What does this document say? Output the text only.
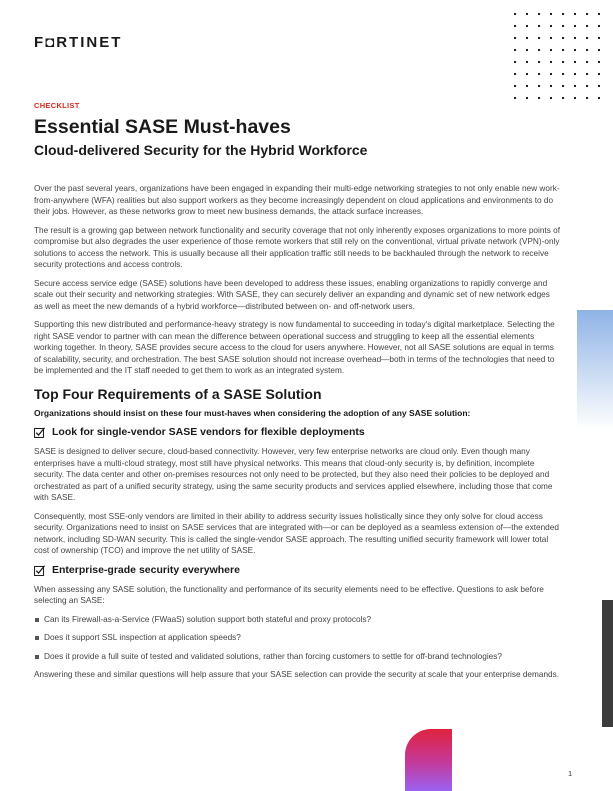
F◘RTINET
CHECKLIST
Essential SASE Must-haves
Cloud-delivered Security for the Hybrid Workforce

Over the past several years, organizations have been engaged in expanding their multi-edge networking strategies to not only enable new work-from-anywhere (WFA) realities but also support workers as they become increasingly dependent on cloud applications and environments to do their jobs. However, as these networks grow to meet new business demands, the attack surface increases.

The result is a growing gap between network functionality and security coverage that not only inherently exposes organizations to more points of compromise but also degrades the user experience of those remote workers that still rely on the conventional, virtual private network (VPN)-only solutions to access the network. This is usually because all their application traffic still needs to be backhauled through the network to receive security protections and access controls.

Secure access service edge (SASE) solutions have been developed to address these issues, enabling organizations to rapidly converge and scale out their security and networking strategies. With SASE, they can securely deliver an expanding and dynamic set of new network edges as well as meet the new demands of a hybrid workforce—distributed between on- and off-network users.

Supporting this new distributed and performance-heavy strategy is now fundamental to succeeding in today's digital marketplace. Selecting the right SASE vendor to partner with can mean the difference between operational success and struggling to keep all the essential elements working together. In theory, SASE provides secure access to the cloud for users anywhere. However, not all SASE solutions are equal in terms of scalability, security, and orchestration. The best SASE solution should not increase overhead—both in terms of the technologies that need to be implemented and the IT staff needed to get them to work as an integrated system.

Top Four Requirements of a SASE Solution

Organizations should insist on these four must-haves when considering the adoption of any SASE solution:

Look for single-vendor SASE vendors for flexible deployments

SASE is designed to deliver secure, cloud-based connectivity. However, very few enterprise networks are cloud only. Even though many enterprises have a multi-cloud strategy, most still have physical networks. This means that cloud-only security is, by definition, incomplete security. The data center and other on-premises resources not only need to be protected, but they also need their policies to be deployed and orchestrated as part of a unified security strategy, using the same security products and services applied elsewhere, including those that come with SASE.

Consequently, most SSE-only vendors are limited in their ability to address security issues holistically since they only solve for cloud access security. Organizations need to insist on SASE services that are integrated with—or can be deployed as a seamless extension of—the extended network, including SD-WAN security. This is called the single-vendor SASE approach. The resulting unified security framework will lower total cost of ownership (TCO) and improve the net utility of SASE.

Enterprise-grade security everywhere

When assessing any SASE solution, the functionality and performance of its security elements need to be effective. Questions to ask before selecting an SASE:

Can its Firewall-as-a-Service (FWaaS) solution support both stateful and proxy protocols?
Does it support SSL inspection at application speeds?
Does it provide a full suite of tested and validated solutions, rather than forcing customers to settle for off-brand technologies?

Answering these and similar questions will help assure that your SASE selection can provide the security at scale that your enterprise demands.

1
